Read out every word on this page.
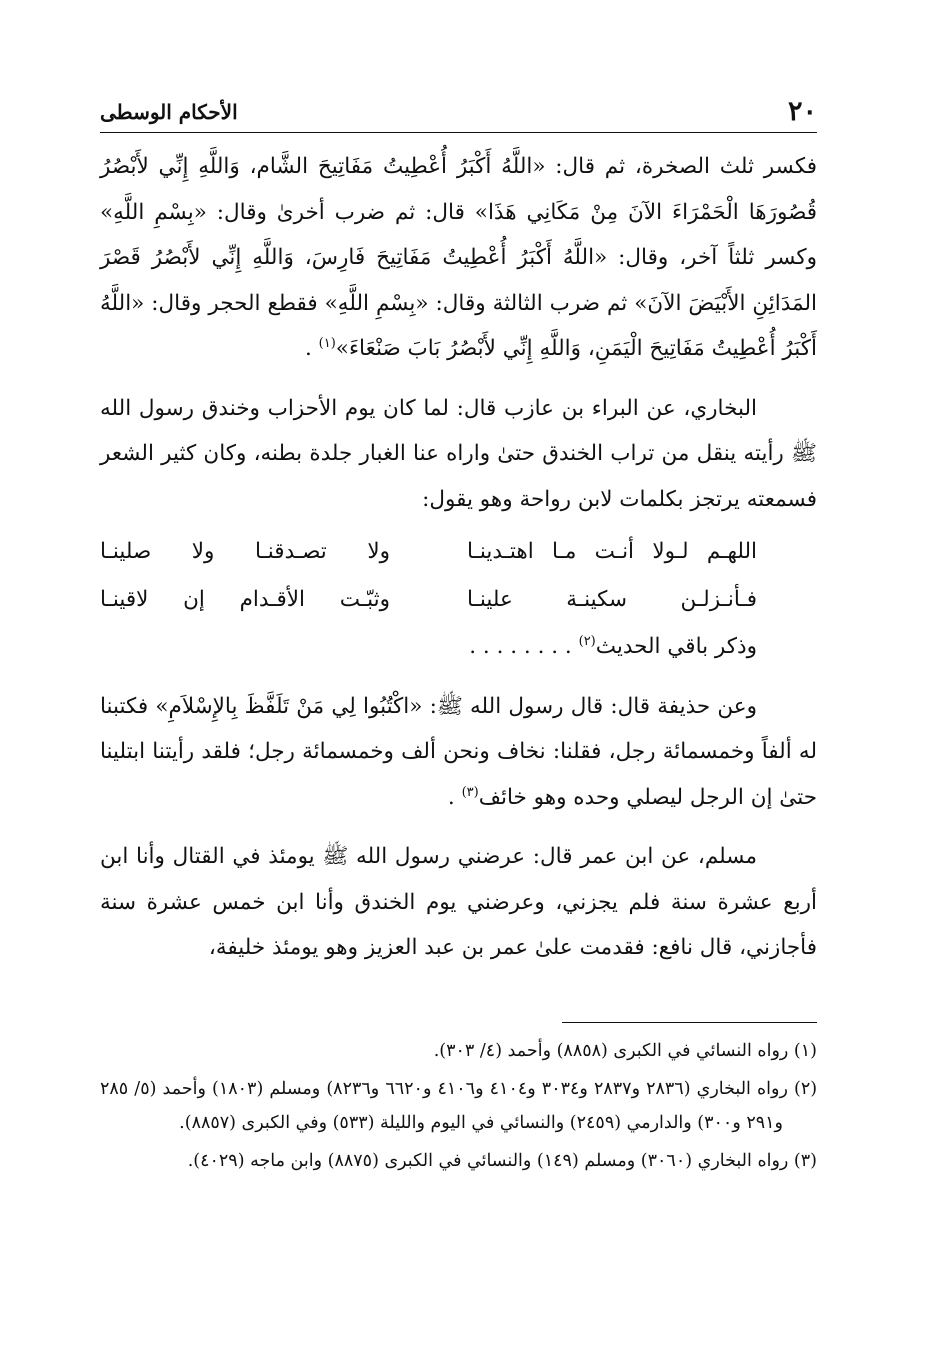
٢٠
الأحكام الوسطى

فكسر ثلث الصخرة، ثم قال: «اللَّهُ أَكْبَرُ أُعْطِيتُ مَفَاتِيحَ الشَّام، وَاللَّهِ إِنِّي لأَبْصُرُ قُصُورَهَا الْحَمْرَاءَ الآنَ مِنْ مَكَانِي هَذَا» قال: ثم ضرب أخرىٰ وقال: «بِسْمِ اللَّهِ» وكسر ثلثاً آخر، وقال: «اللَّهُ أَكْبَرُ أُعْطِيتُ مَفَاتِيحَ فَارِسَ، وَاللَّهِ إِنِّي لأَبْصُرُ قَصْرَ المَدَائِنِ الأَبْيَضَ الآنَ» ثم ضرب الثالثة وقال: «بِسْمِ اللَّهِ» فقطع الحجر وقال: «اللَّهُ أَكْبَرُ أُعْطِيتُ مَفَاتِيحَ الْيَمَنِ، وَاللَّهِ إِنِّي لأَبْصُرُ بَابَ صَنْعَاءَ»$^{(١)}$ .

البخاري، عن البراء بن عازب قال: لما كان يوم الأحزاب وخندق رسول الله ﷺ رأيته ينقل من تراب الخندق حتىٰ واراه عنا الغبار جلدة بطنه، وكان كثير الشعر فسمعته يرتجز بكلمات لابن رواحة وهو يقول:

اللهـم لـولا أنـت مـا اهتـدينـا
ولا تصـدقنـا ولا صلينـا
فـأنـزلـن سكينـة علينـا
وثبّـت الأقـدام إن لاقينـا

وذكر باقي الحديث$^{(٢)}$ . . . . . . . .

وعن حذيفة قال: قال رسول الله ﷺ: «اكْتُبُوا لِي مَنْ تَلَفَّظَ بِالإِسْلاَمِ» فكتبنا له ألفاً وخمسمائة رجل، فقلنا: نخاف ونحن ألف وخمسمائة رجل؛ فلقد رأيتنا ابتلينا حتىٰ إن الرجل ليصلي وحده وهو خائف$^{(٣)}$ .

مسلم، عن ابن عمر قال: عرضني رسول الله ﷺ يومئذ في القتال وأنا ابن أربع عشرة سنة فلم يجزني، وعرضني يوم الخندق وأنا ابن خمس عشرة سنة فأجازني، قال نافع: فقدمت علىٰ عمر بن عبد العزيز وهو يومئذ خليفة،

(١) رواه النسائي في الكبرى (٨٨٥٨) وأحمد (٤/ ٣٠٣).

(٢) رواه البخاري (٢٨٣٦ و٢٨٣٧ و٣٠٣٤ و٤١٠٤ و٤١٠٦ و٦٦٢٠ و٨٢٣٦) ومسلم (١٨٠٣) وأحمد (٥/ ٢٨٥ و٢٩١ و٣٠٠) والدارمي (٢٤٥٩) والنسائي في اليوم والليلة (٥٣٣) وفي الكبرى (٨٨٥٧).

(٣) رواه البخاري (٣٠٦٠) ومسلم (١٤٩) والنسائي في الكبرى (٨٨٧٥) وابن ماجه (٤٠٢٩).
